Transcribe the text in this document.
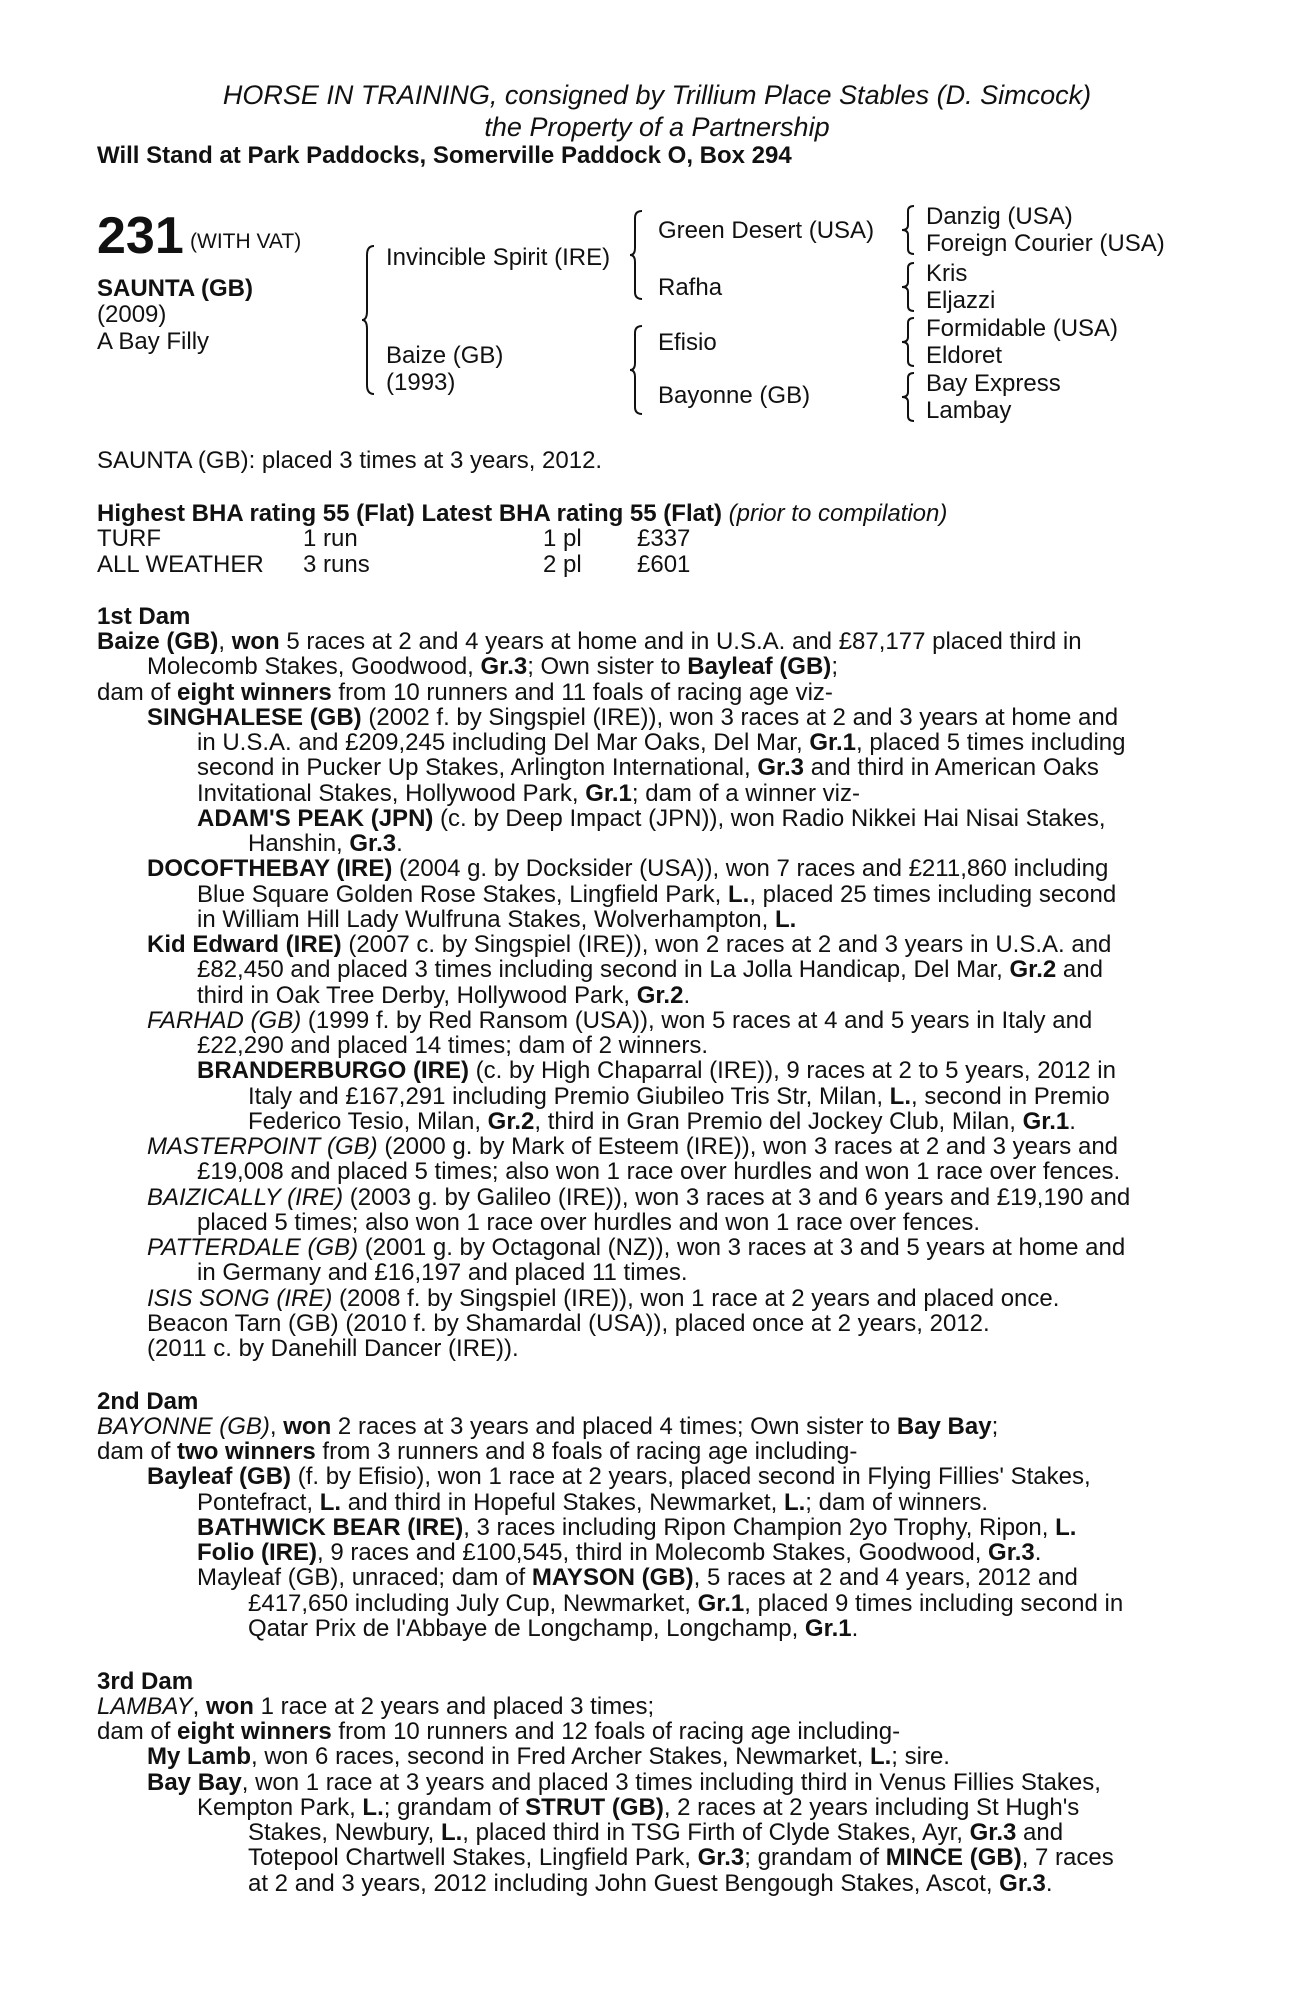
HORSE IN TRAINING, consigned by Trillium Place Stables (D. Simcock)
the Property of a Partnership
Will Stand at Park Paddocks, Somerville Paddock O, Box 294
231 (WITH VAT)
SAUNTA (GB)
(2009)
A Bay Filly
Invincible Spirit (IRE)
Baize (GB)
(1993)
Green Desert (USA)
Rafha
Efisio
Bayonne (GB)
Danzig (USA)
Foreign Courier (USA)
Kris
Eljazzi
Formidable (USA)
Eldoret
Bay Express
Lambay
SAUNTA (GB): placed 3 times at 3 years, 2012.
Highest BHA rating 55 (Flat) Latest BHA rating 55 (Flat) (prior to compilation)
TURF	1 run	1 pl £337
ALL WEATHER 3 runs	2 pl £601
1st Dam
Baize (GB), won 5 races at 2 and 4 years at home and in U.S.A. and £87,177 placed third in
Molecomb Stakes, Goodwood, Gr.3; Own sister to Bayleaf (GB);
dam of eight winners from 10 runners and 11 foals of racing age viz-
SINGHALESE (GB) (2002 f. by Singspiel (IRE)), won 3 races at 2 and 3 years at home and
in U.S.A. and £209,245 including Del Mar Oaks, Del Mar, Gr.1, placed 5 times including
second in Pucker Up Stakes, Arlington International, Gr.3 and third in American Oaks
Invitational Stakes, Hollywood Park, Gr.1; dam of a winner viz-
ADAM'S PEAK (JPN) (c. by Deep Impact (JPN)), won Radio Nikkei Hai Nisai Stakes,
Hanshin, Gr.3.
DOCOFTHEBAY (IRE) (2004 g. by Docksider (USA)), won 7 races and £211,860 including
Blue Square Golden Rose Stakes, Lingfield Park, L., placed 25 times including second
in William Hill Lady Wulfruna Stakes, Wolverhampton, L.
Kid Edward (IRE) (2007 c. by Singspiel (IRE)), won 2 races at 2 and 3 years in U.S.A. and
£82,450 and placed 3 times including second in La Jolla Handicap, Del Mar, Gr.2 and
third in Oak Tree Derby, Hollywood Park, Gr.2.
FARHAD (GB) (1999 f. by Red Ransom (USA)), won 5 races at 4 and 5 years in Italy and
£22,290 and placed 14 times; dam of 2 winners.
BRANDERBURGO (IRE) (c. by High Chaparral (IRE)), 9 races at 2 to 5 years, 2012 in
Italy and £167,291 including Premio Giubileo Tris Str, Milan, L., second in Premio
Federico Tesio, Milan, Gr.2, third in Gran Premio del Jockey Club, Milan, Gr.1.
MASTERPOINT (GB) (2000 g. by Mark of Esteem (IRE)), won 3 races at 2 and 3 years and
£19,008 and placed 5 times; also won 1 race over hurdles and won 1 race over fences.
BAIZICALLY (IRE) (2003 g. by Galileo (IRE)), won 3 races at 3 and 6 years and £19,190 and
placed 5 times; also won 1 race over hurdles and won 1 race over fences.
PATTERDALE (GB) (2001 g. by Octagonal (NZ)), won 3 races at 3 and 5 years at home and
in Germany and £16,197 and placed 11 times.
ISIS SONG (IRE) (2008 f. by Singspiel (IRE)), won 1 race at 2 years and placed once.
Beacon Tarn (GB) (2010 f. by Shamardal (USA)), placed once at 2 years, 2012.
(2011 c. by Danehill Dancer (IRE)).
2nd Dam
BAYONNE (GB), won 2 races at 3 years and placed 4 times; Own sister to Bay Bay;
dam of two winners from 3 runners and 8 foals of racing age including-
Bayleaf (GB) (f. by Efisio), won 1 race at 2 years, placed second in Flying Fillies' Stakes,
Pontefract, L. and third in Hopeful Stakes, Newmarket, L.; dam of winners.
BATHWICK BEAR (IRE), 3 races including Ripon Champion 2yo Trophy, Ripon, L.
Folio (IRE), 9 races and £100,545, third in Molecomb Stakes, Goodwood, Gr.3.
Mayleaf (GB), unraced; dam of MAYSON (GB), 5 races at 2 and 4 years, 2012 and
£417,650 including July Cup, Newmarket, Gr.1, placed 9 times including second in
Qatar Prix de l'Abbaye de Longchamp, Longchamp, Gr.1.
3rd Dam
LAMBAY, won 1 race at 2 years and placed 3 times;
dam of eight winners from 10 runners and 12 foals of racing age including-
My Lamb, won 6 races, second in Fred Archer Stakes, Newmarket, L.; sire.
Bay Bay, won 1 race at 3 years and placed 3 times including third in Venus Fillies Stakes,
Kempton Park, L.; grandam of STRUT (GB), 2 races at 2 years including St Hugh's
Stakes, Newbury, L., placed third in TSG Firth of Clyde Stakes, Ayr, Gr.3 and
Totepool Chartwell Stakes, Lingfield Park, Gr.3; grandam of MINCE (GB), 7 races
at 2 and 3 years, 2012 including John Guest Bengough Stakes, Ascot, Gr.3.
